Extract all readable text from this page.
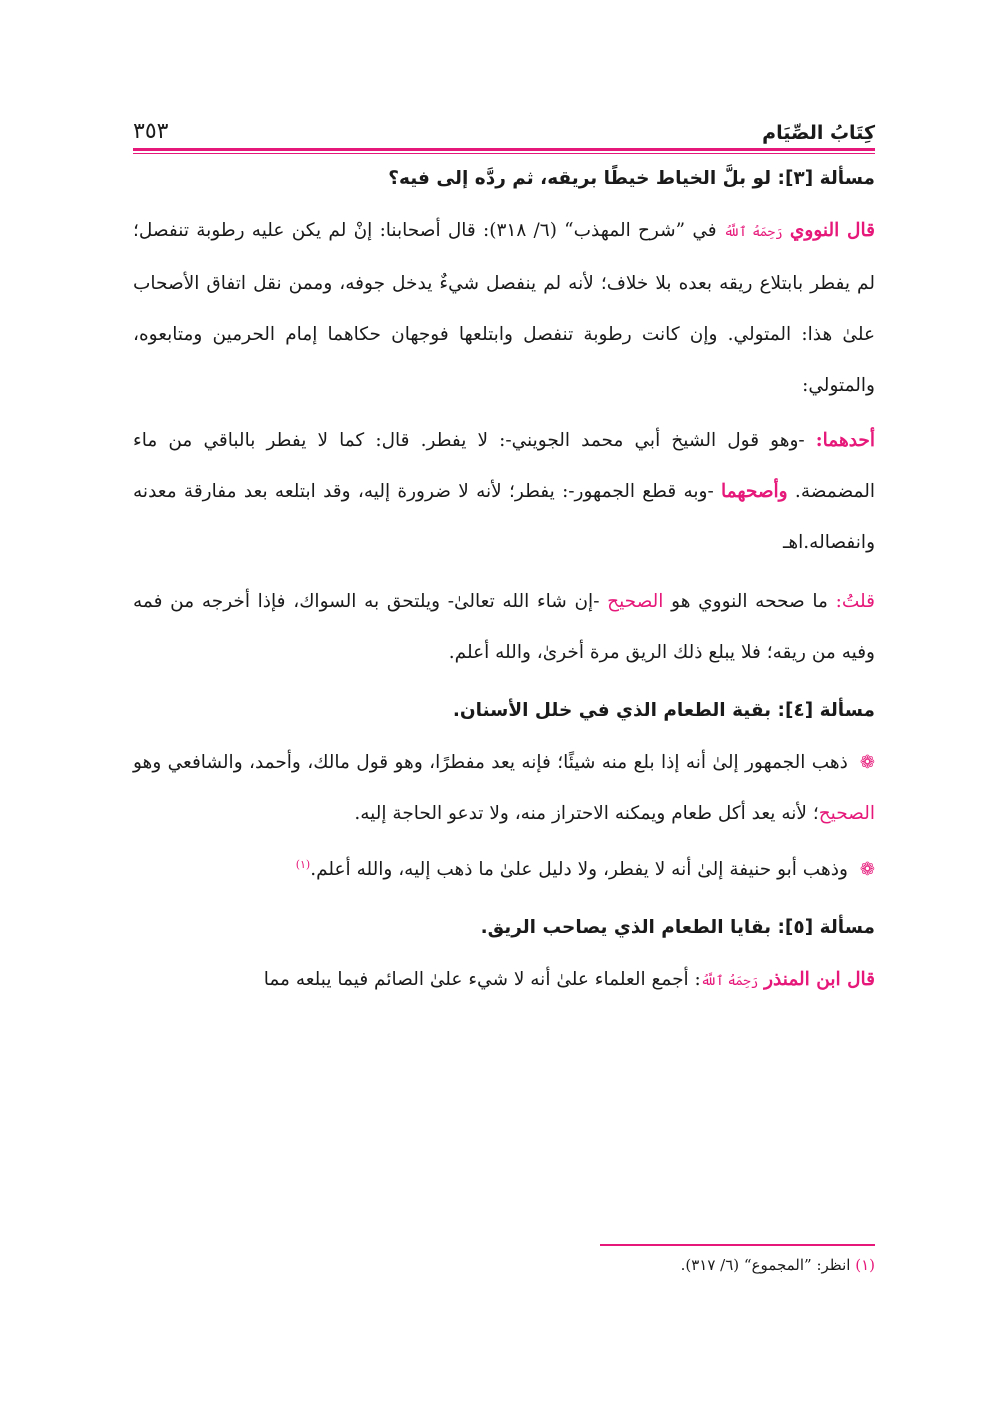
كِتَابُ الصِّيَام
٣٥٣

مسألة [٣]: لو بلَّ الخياط خيطًا بريقه، ثم ردَّه إلى فيه؟

قال النووي رَحِمَهُ ٱللَّهُ في ”شرح المهذب“ (٦/ ٣١٨): قال أصحابنا: إنْ لم يكن عليه رطوبة تنفصل؛ لم يفطر بابتلاع ريقه بعده بلا خلاف؛ لأنه لم ينفصل شيءٌ يدخل جوفه، وممن نقل اتفاق الأصحاب علىٰ هذا: المتولي. وإن كانت رطوبة تنفصل وابتلعها فوجهان حكاهما إمام الحرمين ومتابعوه، والمتولي:

أحدهما: -وهو قول الشيخ أبي محمد الجويني-: لا يفطر. قال: كما لا يفطر بالباقي من ماء المضمضة. وأصحهما -وبه قطع الجمهور-: يفطر؛ لأنه لا ضرورة إليه، وقد ابتلعه بعد مفارقة معدنه وانفصاله.اهـ

قلتُ: ما صححه النووي هو الصحيح -إن شاء الله تعالىٰ- ويلتحق به السواك، فإذا أخرجه من فمه وفيه من ريقه؛ فلا يبلع ذلك الريق مرة أخرىٰ، والله أعلم.

مسألة [٤]: بقية الطعام الذي في خلل الأسنان.

❁ذهب الجمهور إلىٰ أنه إذا بلع منه شيئًا؛ فإنه يعد مفطرًا، وهو قول مالك، وأحمد، والشافعي وهو الصحيح؛ لأنه يعد أكل طعام ويمكنه الاحتراز منه، ولا تدعو الحاجة إليه.

❁وذهب أبو حنيفة إلىٰ أنه لا يفطر، ولا دليل علىٰ ما ذهب إليه، والله أعلم.$^{(١)}$

مسألة [٥]: بقايا الطعام الذي يصاحب الريق.

قال ابن المنذر رَحِمَهُ ٱللَّهُ: أجمع العلماء علىٰ أنه لا شيء علىٰ الصائم فيما يبلعه مما

(١) انظر: ”المجموع“ (٦/ ٣١٧).
